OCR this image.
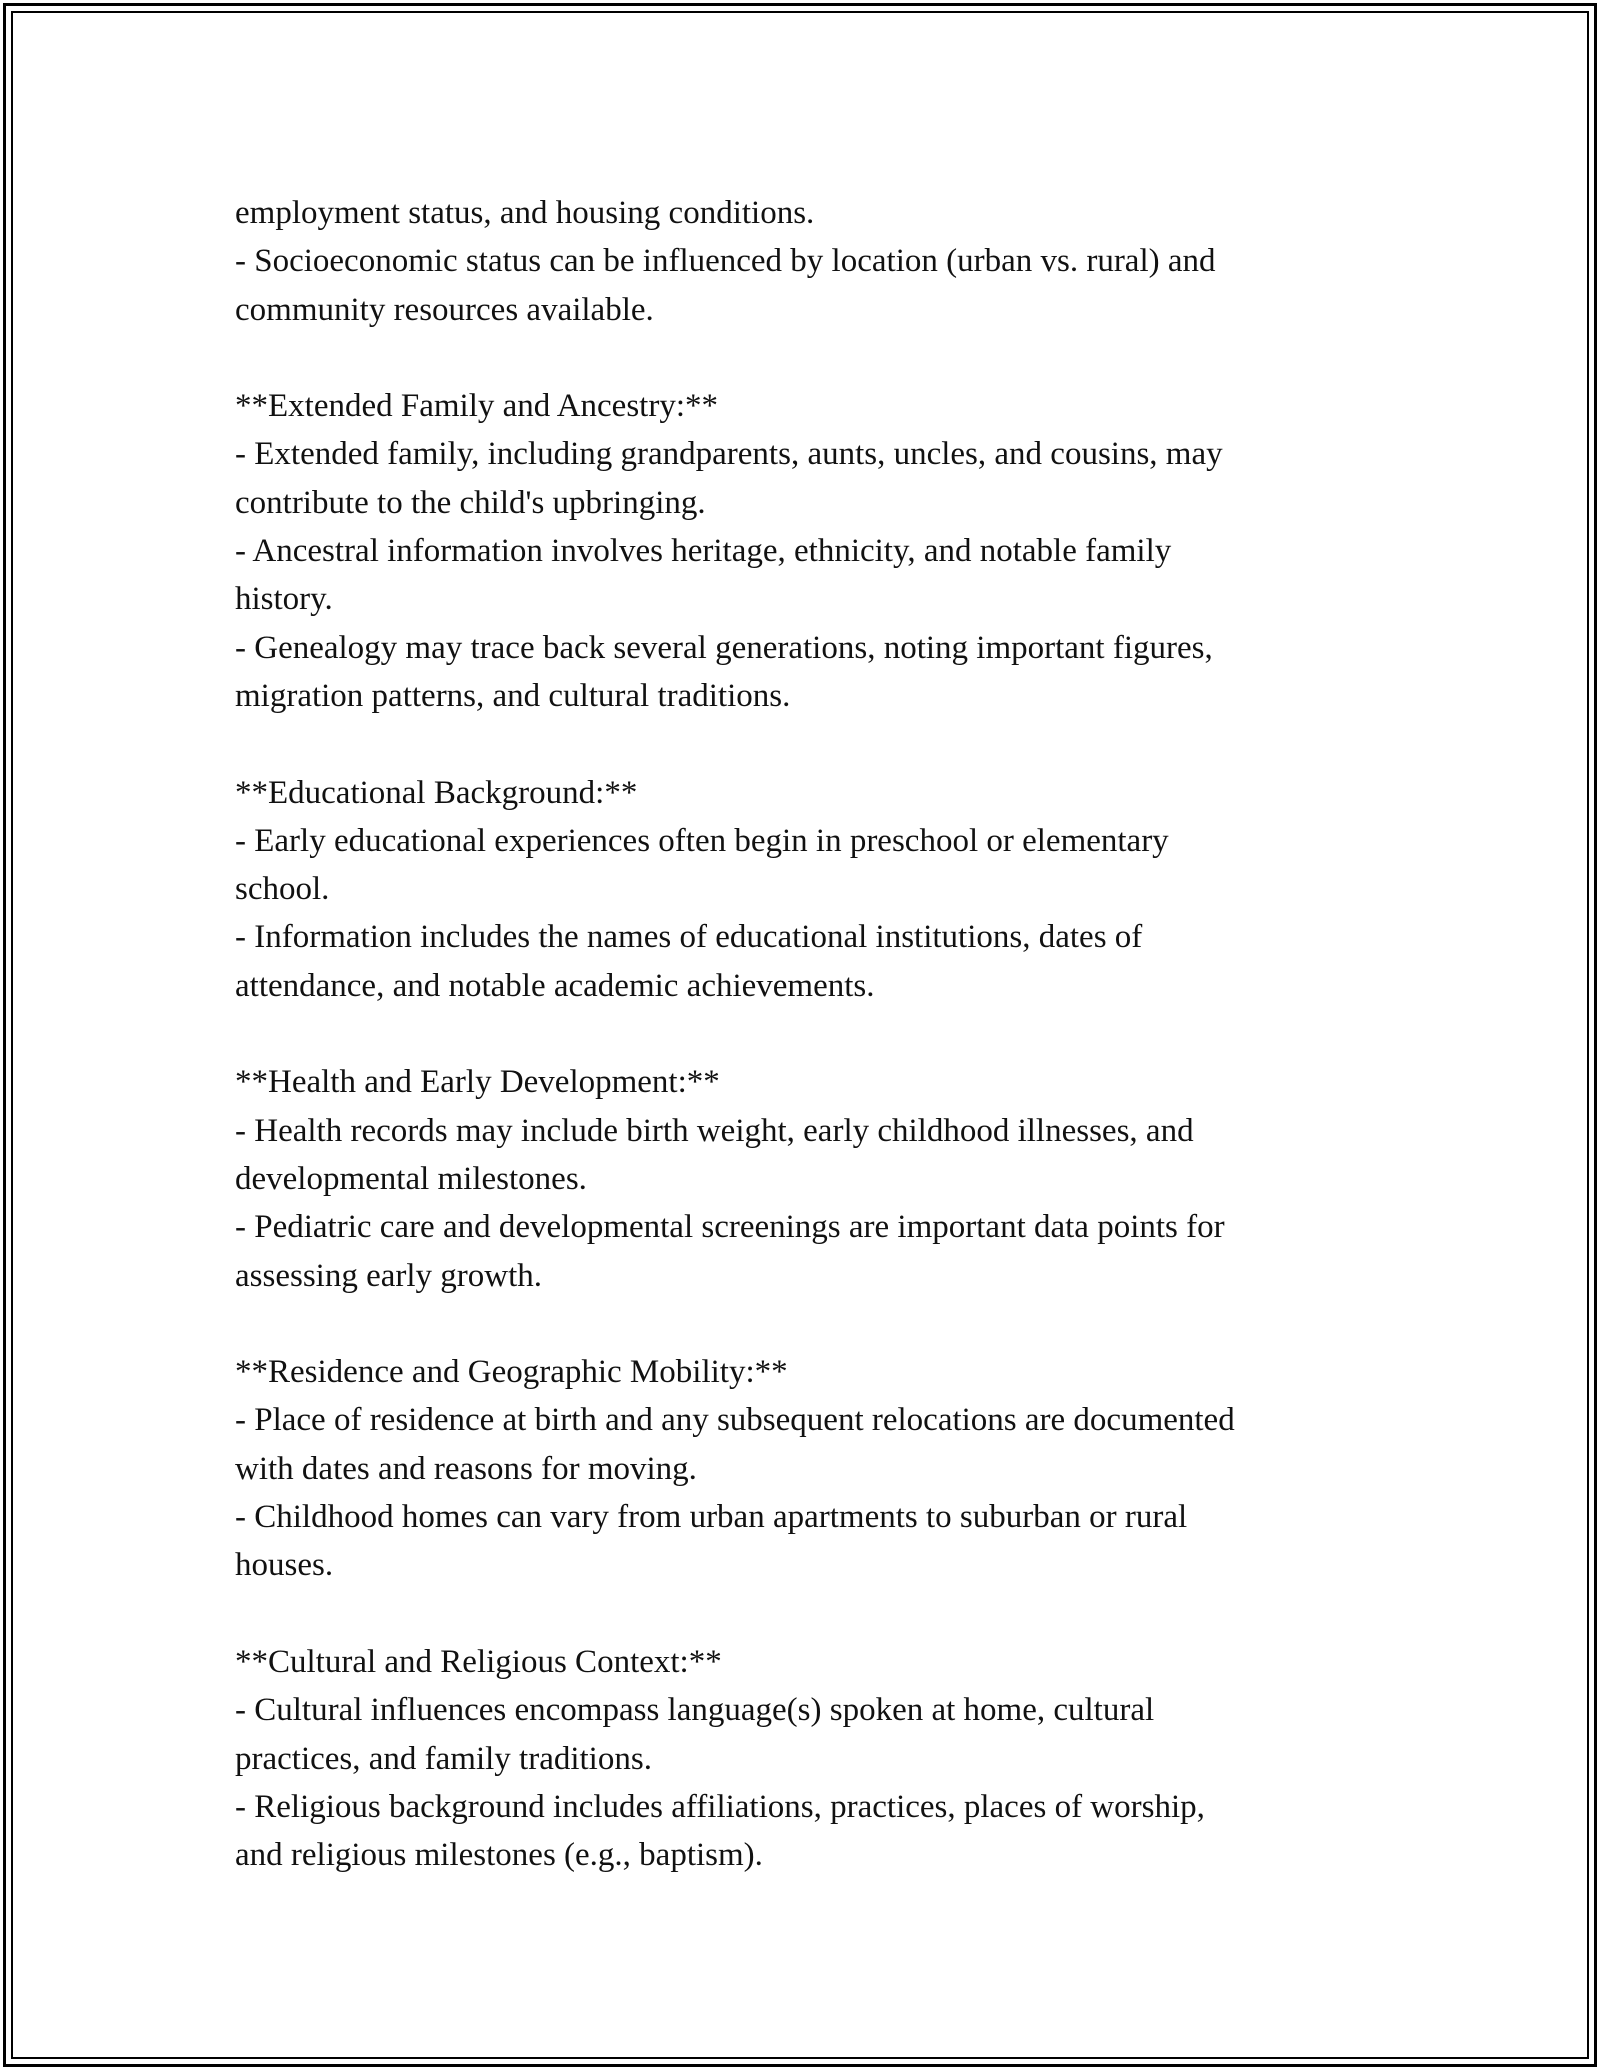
employment status, and housing conditions.
- Socioeconomic status can be influenced by location (urban vs. rural) and
community resources available.
**Extended Family and Ancestry:**
- Extended family, including grandparents, aunts, uncles, and cousins, may
contribute to the child's upbringing.
- Ancestral information involves heritage, ethnicity, and notable family
history.
- Genealogy may trace back several generations, noting important figures,
migration patterns, and cultural traditions.
**Educational Background:**
- Early educational experiences often begin in preschool or elementary
school.
- Information includes the names of educational institutions, dates of
attendance, and notable academic achievements.
**Health and Early Development:**
- Health records may include birth weight, early childhood illnesses, and
developmental milestones.
- Pediatric care and developmental screenings are important data points for
assessing early growth.
**Residence and Geographic Mobility:**
- Place of residence at birth and any subsequent relocations are documented
with dates and reasons for moving.
- Childhood homes can vary from urban apartments to suburban or rural
houses.
**Cultural and Religious Context:**
- Cultural influences encompass language(s) spoken at home, cultural
practices, and family traditions.
- Religious background includes affiliations, practices, places of worship,
and religious milestones (e.g., baptism).
